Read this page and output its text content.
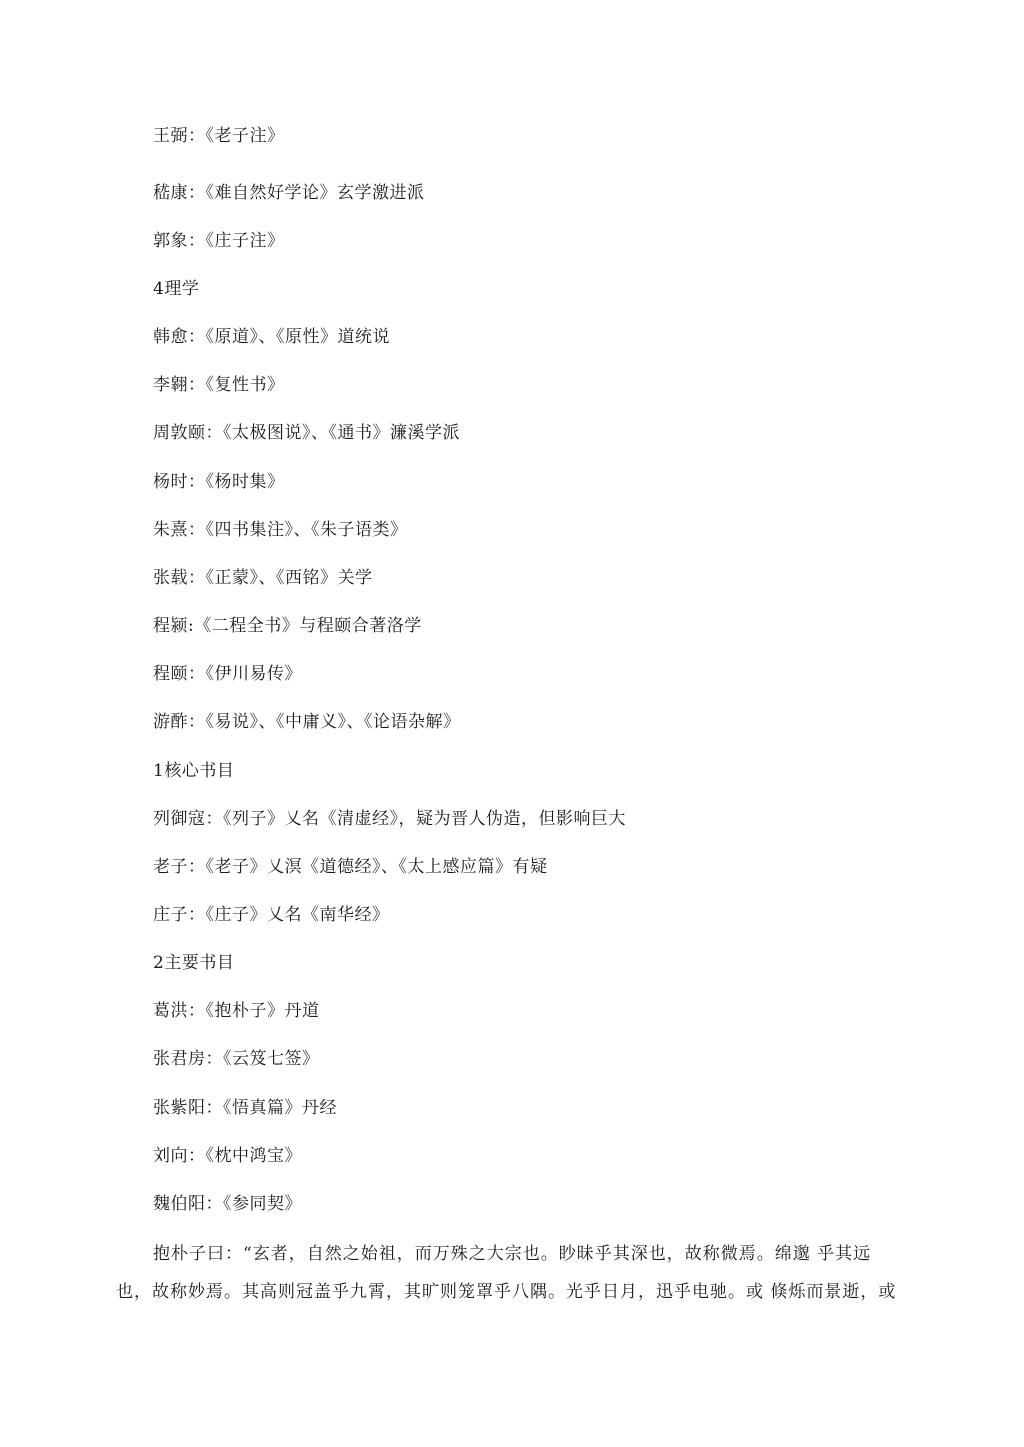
王弼：《老子注》
嵇康：《难自然好学论》玄学激进派
郭象：《庄子注》
4理学
韩愈：《原道》、《原性》道统说
李翱：《复性书》
周敦颐：《太极图说》、《通书》濂溪学派
杨时：《杨时集》
朱熹：《四书集注》、《朱子语类》
张载：《正蒙》、《西铭》关学
程颍:《二程全书》与程颐合著洛学
程颐：《伊川易传》
游酢：《易说》、《中庸义》、《论语杂解》
1核心书目
列御寇：《列子》乂名《清虚经》，疑为晋人伪造，但影响巨大
老子：《老子》乂溟《道德经》、《太上感应篇》有疑
庄子：《庄子》乂名《南华经》
2主要书目
葛洪：《抱朴子》丹道
张君房：《云笈七签》
张紫阳：《悟真篇》丹经
刘向：《枕中鸿宝》
魏伯阳：《参同契》
抱朴子曰：“玄者，自然之始祖，而万殊之大宗也。眇昧乎其深也，故称微焉。绵邈 乎其远
也，故称妙焉。其高则冠盖乎九霄，其旷则笼罩乎八隅。光乎日月，迅乎电驰。或 倏烁而景逝，或
